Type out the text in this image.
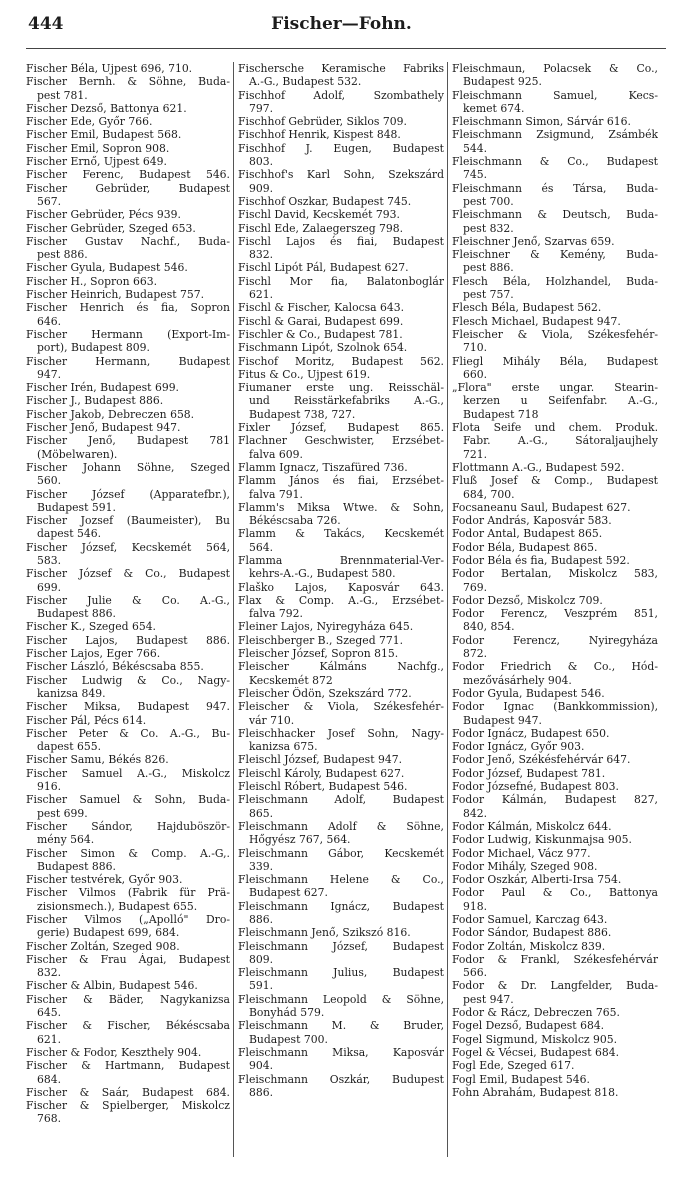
444	Fischer—Fohn.
Fischer Béla, Ujpest 696, 710.
Fischer Bernh. & Söhne, Buda-
pest 781.
Fischer Dezső, Battonya 621.
Fischer Ede, Győr 766.
Fischer Emil, Budapest 568.
Fischer Emil, Sopron 908.
Fischer Ernő, Ujpest 649.
Fischer Ferenc, Budapest 546.
Fischer Gebrüder, Budapest
567.
Fischer Gebrüder, Pécs 939.
Fischer Gebrüder, Szeged 653.
Fischer Gustav Nachf., Buda-
pest 886.
Fischer Gyula, Budapest 546.
Fischer H., Sopron 663.
Fischer Heinrich, Budapest 757.
Fischer Henrich és fia, Sopron
646.
Fischer Hermann (Export-Im-
port), Budapest 809.
Fischer Hermann, Budapest
947.
Fischer Irén, Budapest 699.
Fischer J., Budapest 886.
Fischer Jakob, Debreczen 658.
Fischer Jenő, Budapest 947.
Fischer Jenő, Budapest 781
(Möbelwaren).
Fischer Johann Söhne, Szeged
560.
Fischer József (Apparatefbr.),
Budapest 591.
Fischer Jozsef (Baumeister), Bu
dapest 546.
Fischer József, Kecskemét 564,
583.
Fischer József & Co., Budapest
699.
Fischer Julie & Co. A.-G.,
Budapest 886.
Fischer K., Szeged 654.
Fischer Lajos, Budapest 886.
Fischer Lajos, Eger 766.
Fischer László, Békéscsaba 855.
Fischer Ludwig & Co., Nagy-
kanizsa 849.
Fischer Miksa, Budapest 947.
Fischer Pál, Pécs 614.
Fischer Peter & Co. A.-G., Bu-
dapest 655.
Fischer Samu, Békés 826.
Fischer Samuel A.-G., Miskolcz
916.
Fischer Samuel & Sohn, Buda-
pest 699.
Fischer Sándor, Hajduböször-
mény 564.
Fischer Simon & Comp. A.-G,.
Budapest 886.
Fischer testvérek, Győr 903.
Fischer Vilmos (Fabrik für Prä-
zisionsmech.), Budapest 655.
Fischer Vilmos („Apolló" Dro-
gerie) Budapest 699, 684.
Fischer Zoltán, Szeged 908.
Fischer & Frau Ágai, Budapest
832.
Fischer & Albin, Budapest 546.
Fischer & Bäder, Nagykanizsa
645.
Fischer & Fischer, Békéscsaba
621.
Fischer & Fodor, Keszthely 904.
Fischer & Hartmann, Budapest
684.
Fischer & Saár, Budapest 684.
Fischer & Spielberger, Miskolcz
768.
Fischersche Keramische Fabriks
A.-G., Budapest 532.
Fischhof Adolf, Szombathely
797.
Fischhof Gebrüder, Siklos 709.
Fischhof Henrik, Kispest 848.
Fischhof J. Eugen, Budapest
803.
Fischhof's Karl Sohn, Szekszárd
909.
Fischhof Oszkar, Budapest 745.
Fischl David, Kecskemét 793.
Fischl Ede, Zalaegerszeg 798.
Fischl Lajos és fiai, Budapest
832.
Fischl Lipót Pál, Budapest 627.
Fischl Mor fia, Balatonboglár
621.
Fischl & Fischer, Kalocsa 643.
Fischl & Garai, Budapest 699.
Fischler & Co., Budapest 781.
Fischmann Lipót, Szolnok 654.
Fischof Moritz, Budapest 562.
Fitus & Co., Ujpest 619.
Fiumaner erste ung. Reisschäl-
und Reisstärkefabriks A.-G.,
Budapest 738, 727.
Fixler József, Budapest 865.
Flachner Geschwister, Erzsébet-
falva 609.
Flamm Ignacz, Tiszafüred 736.
Flamm János és fiai, Erzsébet-
falva 791.
Flamm's Miksa Wtwe. & Sohn,
Békéscsaba 726.
Flamm & Takács, Kecskemét
564.
Flamma Brennmaterial-Ver-
kehrs-A.-G., Budapest 580.
Flaško Lajos, Kaposvár 643.
Flax & Comp. A.-G., Erzsébet-
falva 792.
Fleiner Lajos, Nyiregyháza 645.
Fleischberger B., Szeged 771.
Fleischer József, Sopron 815.
Fleischer Kálmáns Nachfg.,
Kecskemét 872
Fleischer Ödön, Szekszárd 772.
Fleischer & Viola, Székesfehér-
vár 710.
Fleischhacker Josef Sohn, Nagy-
kanizsa 675.
Fleischl József, Budapest 947.
Fleischl Károly, Budapest 627.
Fleischl Róbert, Budapest 546.
Fleischmann Adolf, Budapest
865.
Fleischmann Adolf & Söhne,
Hőgyész 767, 564.
Fleischmann Gábor, Kecskemét
339.
Fleischmann Helene & Co.,
Budapest 627.
Fleischmann Ignácz, Budapest
886.
Fleischmann Jenő, Szikszó 816.
Fleischmann József, Budapest
809.
Fleischmann Julius, Budapest
591.
Fleischmann Leopold & Söhne,
Bonyhád 579.
Fleischmann M. & Bruder,
Budapest 700.
Fleischmann Miksa, Kaposvár
904.
Fleischmann Oszkár, Budupest
886.
Fleischmaun, Polacsek & Co.,
Budapest 925.
Fleischmann Samuel, Kecs-
kemet 674.
Fleischmann Simon, Sárvár 616.
Fleischmann Zsigmund, Zsámbék
544.
Fleischmann & Co., Budapest
745.
Fleischmann és Társa, Buda-
pest 700.
Fleischmann & Deutsch, Buda-
pest 832.
Fleischner Jenő, Szarvas 659.
Fleischner & Kemény, Buda-
pest 886.
Flesch Béla, Holzhandel, Buda-
pest 757.
Flesch Béla, Budapest 562.
Flesch Michael, Budapest 947.
Fleischer & Viola, Székesfehér-
710.
Fliegl Mihály Béla, Budapest
660.
„Flora" erste ungar. Stearin-
kerzen u Seifenfabr. A.-G.,
Budapest 718
Flota Seife und chem. Produk.
Fabr. A.-G., Sátoraljaujhely
721.
Flottmann A.-G., Budapest 592.
Fluß Josef & Comp., Budapest
684, 700.
Focsaneanu Saul, Budapest 627.
Fodor András, Kaposvár 583.
Fodor Antal, Budapest 865.
Fodor Béla, Budapest 865.
Fodor Béla és fia, Budapest 592.
Fodor Bertalan, Miskolcz 583,
769.
Fodor Dezső, Miskolcz 709.
Fodor Ferencz, Veszprém 851,
840, 854.
Fodor Ferencz, Nyiregyháza
872.
Fodor Friedrich & Co., Hód-
mezővásárhely 904.
Fodor Gyula, Budapest 546.
Fodor Ignac (Bankkommission),
Budapest 947.
Fodor Ignácz, Budapest 650.
Fodor Ignácz, Győr 903.
Fodor Jenő, Székésfehérvár 647.
Fodor József, Budapest 781.
Fodor Józsefné, Budapest 803.
Fodor Kálmán, Budapest 827,
842.
Fodor Kálmán, Miskolcz 644.
Fodor Ludwig, Kiskunmajsa 905.
Fodor Michael, Vácz 977.
Fodor Mihály, Szeged 908.
Fodor Oszkár, Alberti-Irsa 754.
Fodor Paul & Co., Battonya
918.
Fodor Samuel, Karczag 643.
Fodor Sándor, Budapest 886.
Fodor Zoltán, Miskolcz 839.
Fodor & Frankl, Székesfehérvár
566.
Fodor & Dr. Langfelder, Buda-
pest 947.
Fodor & Rácz, Debreczen 765.
Fogel Dezső, Budapest 684.
Fogel Sigmund, Miskolcz 905.
Fogel & Vécsei, Budapest 684.
Fogl Ede, Szeged 617.
Fogl Emil, Budapest 546.
Fohn Abrahám, Budapest 818.
